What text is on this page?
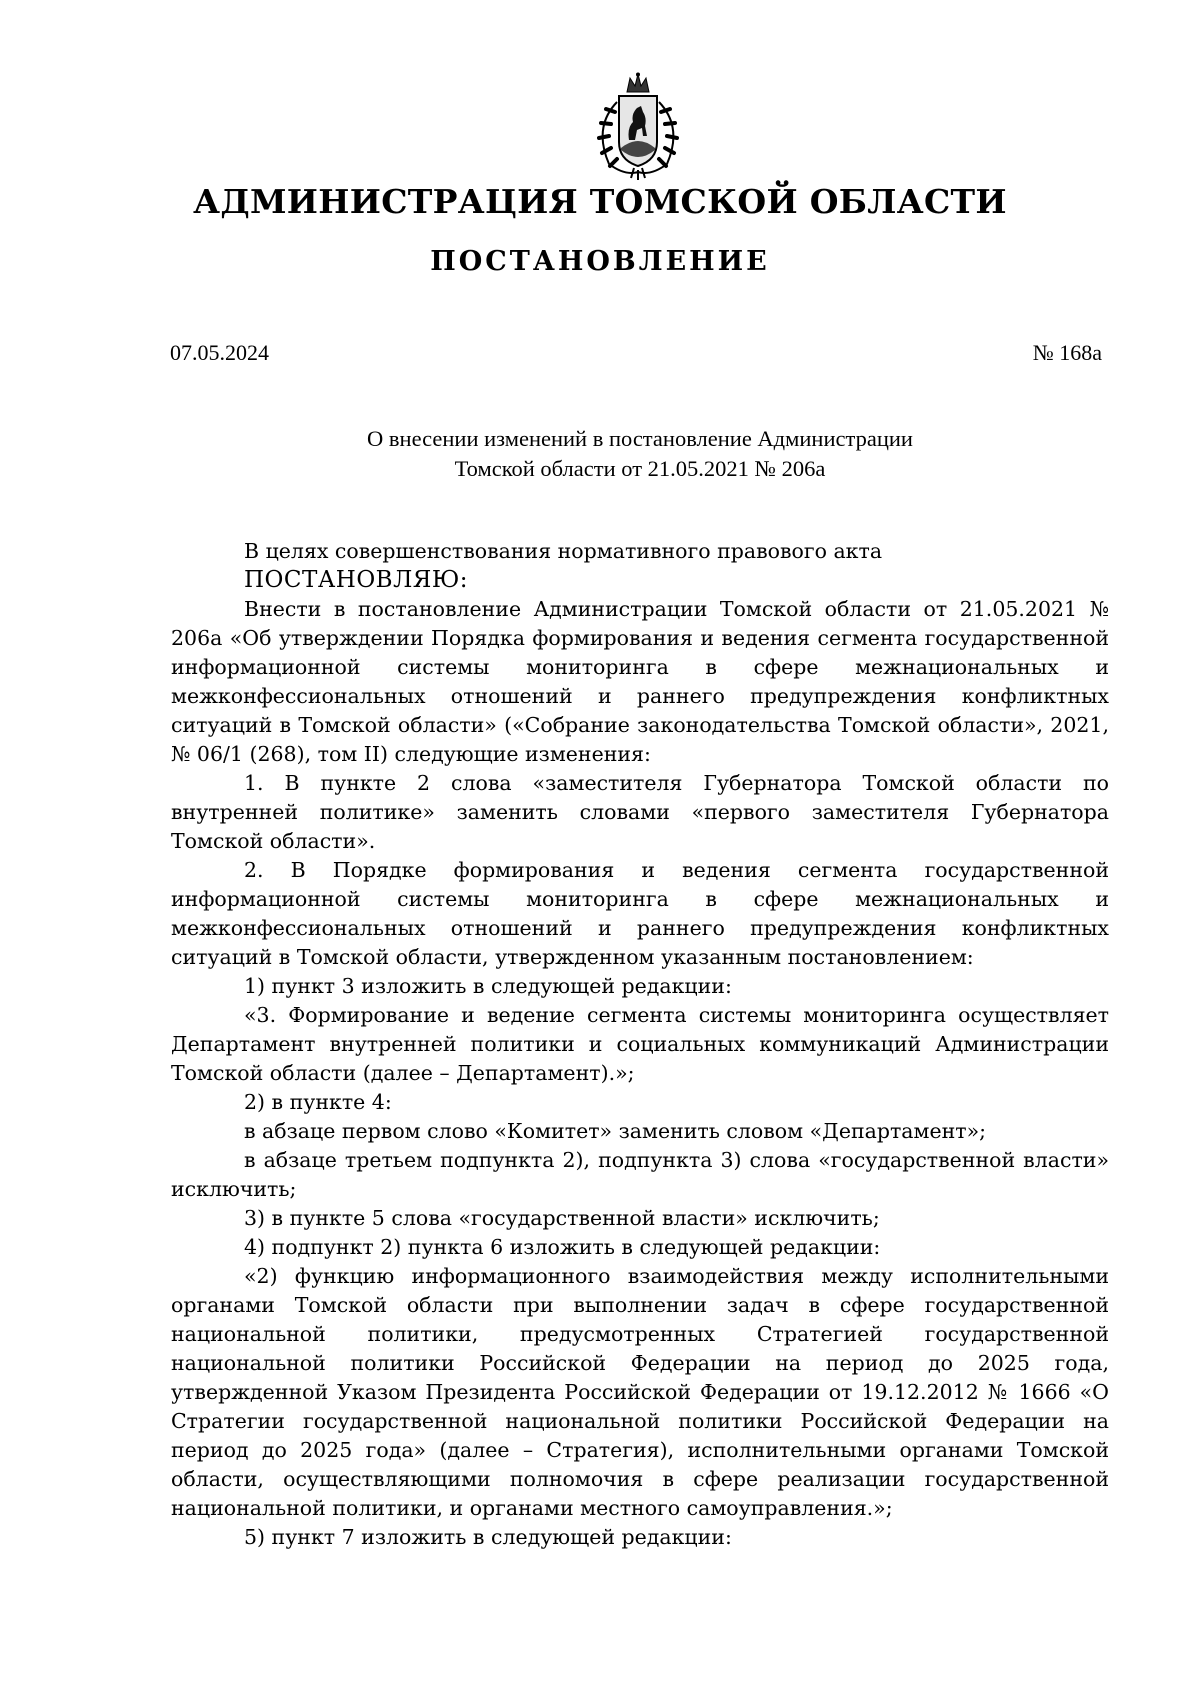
АДМИНИСТРАЦИЯ ТОМСКОЙ ОБЛАСТИ
ПОСТАНОВЛЕНИЕ
07.05.2024	№ 168а
О внесении изменений в постановление Администрации
Томской области от 21.05.2021 № 206а

В целях совершенствования нормативного правового акта

ПОСТАНОВЛЯЮ:

Внести в постановление Администрации Томской области от 21.05.2021 № 206а «Об утверждении Порядка формирования и ведения сегмента государственной информационной системы мониторинга в сфере межнациональных и межконфессиональных отношений и раннего предупреждения конфликтных ситуаций в Томской области» («Собрание законодательства Томской области», 2021, № 06/1 (268), том II) следующие изменения:

1. В пункте 2 слова «заместителя Губернатора Томской области по внутренней политике» заменить словами «первого заместителя Губернатора Томской области».

2. В Порядке формирования и ведения сегмента государственной информационной системы мониторинга в сфере межнациональных и межконфессиональных отношений и раннего предупреждения конфликтных ситуаций в Томской области, утвержденном указанным постановлением:

1) пункт 3 изложить в следующей редакции:

«3. Формирование и ведение сегмента системы мониторинга осуществляет Департамент внутренней политики и социальных коммуникаций Администрации Томской области (далее – Департамент).»;

2) в пункте 4:

в абзаце первом слово «Комитет» заменить словом «Департамент»;

в абзаце третьем подпункта 2), подпункта 3) слова «государственной власти» исключить;

3) в пункте 5 слова «государственной власти» исключить;

4) подпункт 2) пункта 6 изложить в следующей редакции:

«2) функцию информационного взаимодействия между исполнительными органами Томской области при выполнении задач в сфере государственной национальной политики, предусмотренных Стратегией государственной национальной политики Российской Федерации на период до 2025 года, утвержденной Указом Президента Российской Федерации от 19.12.2012 № 1666 «О Стратегии государственной национальной политики Российской Федерации на период до 2025 года» (далее – Стратегия), исполнительными органами Томской области, осуществляющими полномочия в сфере реализации государственной национальной политики, и органами местного самоуправления.»;

5) пункт 7 изложить в следующей редакции:
